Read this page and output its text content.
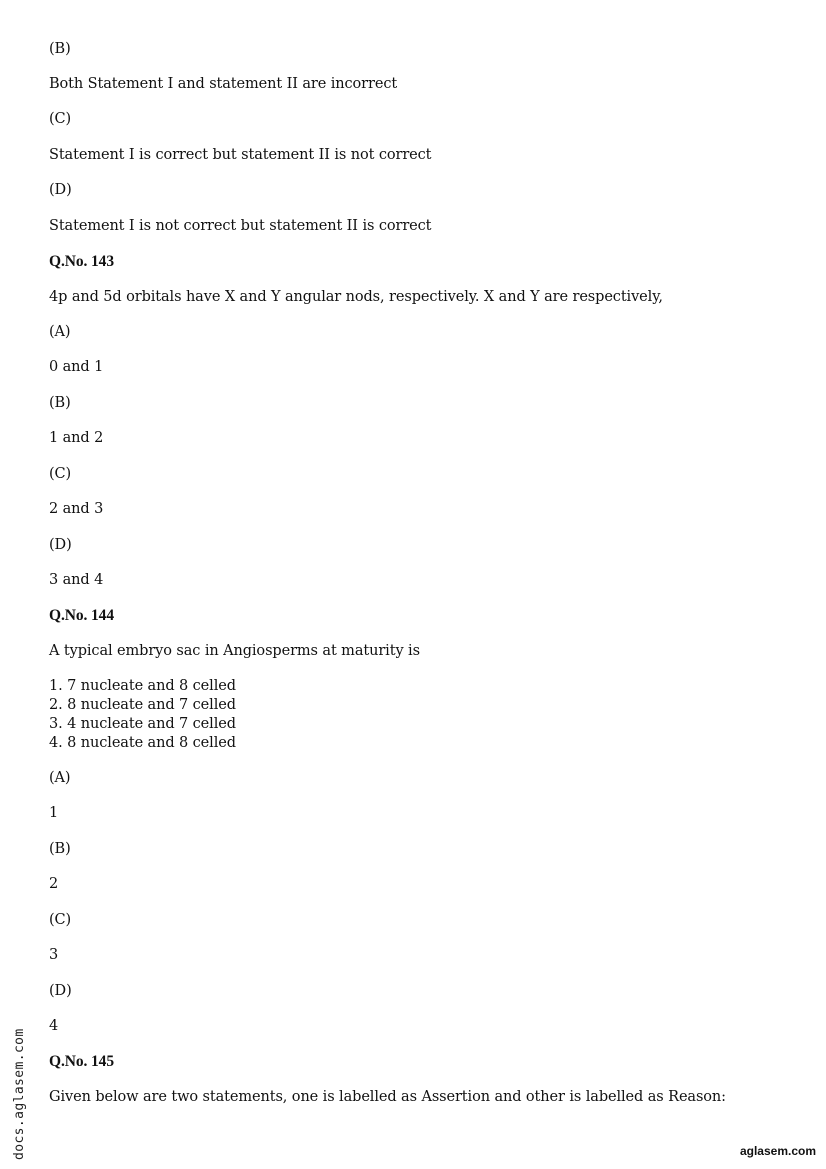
(B)
Both Statement I and statement II are incorrect
(C)
Statement I is correct but statement II is not correct
(D)
Statement I is not correct but statement II is correct
Q.No. 143
4p and 5d orbitals have X and Y angular nods, respectively. X and Y are respectively,
(A)
0 and 1
(B)
1 and 2
(C)
2 and 3
(D)
3 and 4
Q.No. 144
A typical embryo sac in Angiosperms at maturity is
1. 7 nucleate and 8 celled
2. 8 nucleate and 7 celled
3. 4 nucleate and 7 celled
4. 8 nucleate and 8 celled
(A)
1
(B)
2
(C)
3
(D)
4
Q.No. 145
Given below are two statements, one is labelled as Assertion and other is labelled as Reason:
docs.aglasem.com	aglasem.com
